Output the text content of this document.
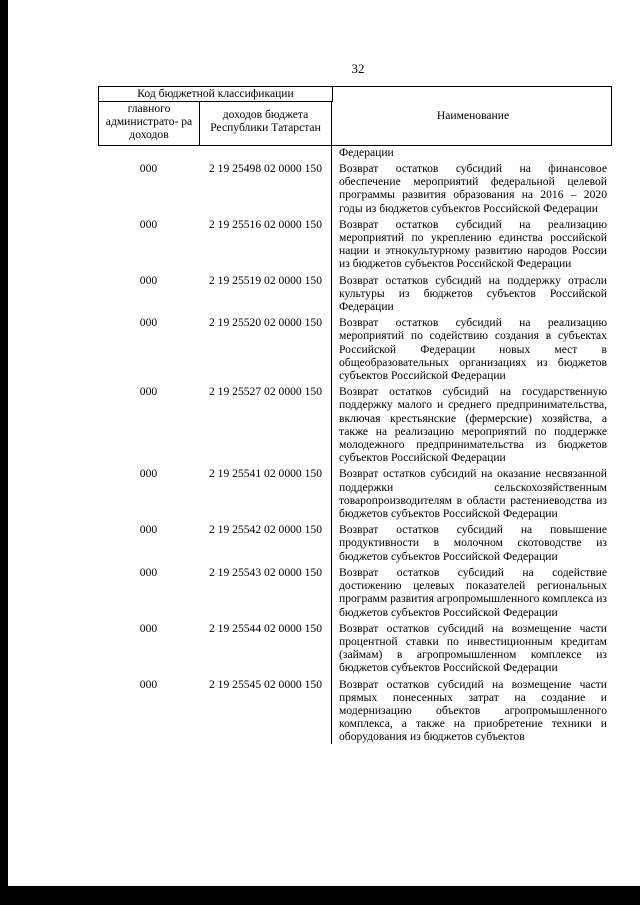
32
Код бюджетной классификации
главного администрато- ра доходов
доходов бюджета Республики Татарстан
Наименование
Федерации
000	2 19 25498 02 0000 150	Возврат остатков субсидий на финансовое обеспечение мероприятий федеральной целевой программы развития образования на 2016 – 2020 годы из бюджетов субъектов Российской Федерации
000	2 19 25516 02 0000 150	Возврат остатков субсидий на реализацию мероприятий по укреплению единства российской нации и этнокультурному развитию народов России из бюджетов субъектов Российской Федерации
000	2 19 25519 02 0000 150	Возврат остатков субсидий на поддержку отрасли культуры из бюджетов субъектов Российской Федерации
000	2 19 25520 02 0000 150	Возврат остатков субсидий на реализацию мероприятий по содействию создания в субъектах Российской Федерации новых мест в общеобразовательных организациях из бюджетов субъектов Российской Федерации
000	2 19 25527 02 0000 150	Возврат остатков субсидий на государственную поддержку малого и среднего предпринимательства, включая крестьянские (фермерские) хозяйства, а также на реализацию мероприятий по поддержке молодежного предпринимательства из бюджетов субъектов Российской Федерации
000	2 19 25541 02 0000 150	Возврат остатков субсидий на оказание несвязанной поддержки сельскохозяйственным товаропроизводителям в области растениеводства из бюджетов субъектов Российской Федерации
000	2 19 25542 02 0000 150	Возврат остатков субсидий на повышение продуктивности в молочном скотоводстве из бюджетов субъектов Российской Федерации
000	2 19 25543 02 0000 150	Возврат остатков субсидий на содействие достижению целевых показателей региональных программ развития агропромышленного комплекса из бюджетов субъектов Российской Федерации
000	2 19 25544 02 0000 150	Возврат остатков субсидий на возмещение части процентной ставки по инвестиционным кредитам (займам) в агропромышленном комплексе из бюджетов субъектов Российской Федерации
000	2 19 25545 02 0000 150	Возврат остатков субсидий на возмещение части прямых понесенных затрат на создание и модернизацию объектов агропромышленного комплекса, а также на приобретение техники и оборудования из бюджетов субъектов
